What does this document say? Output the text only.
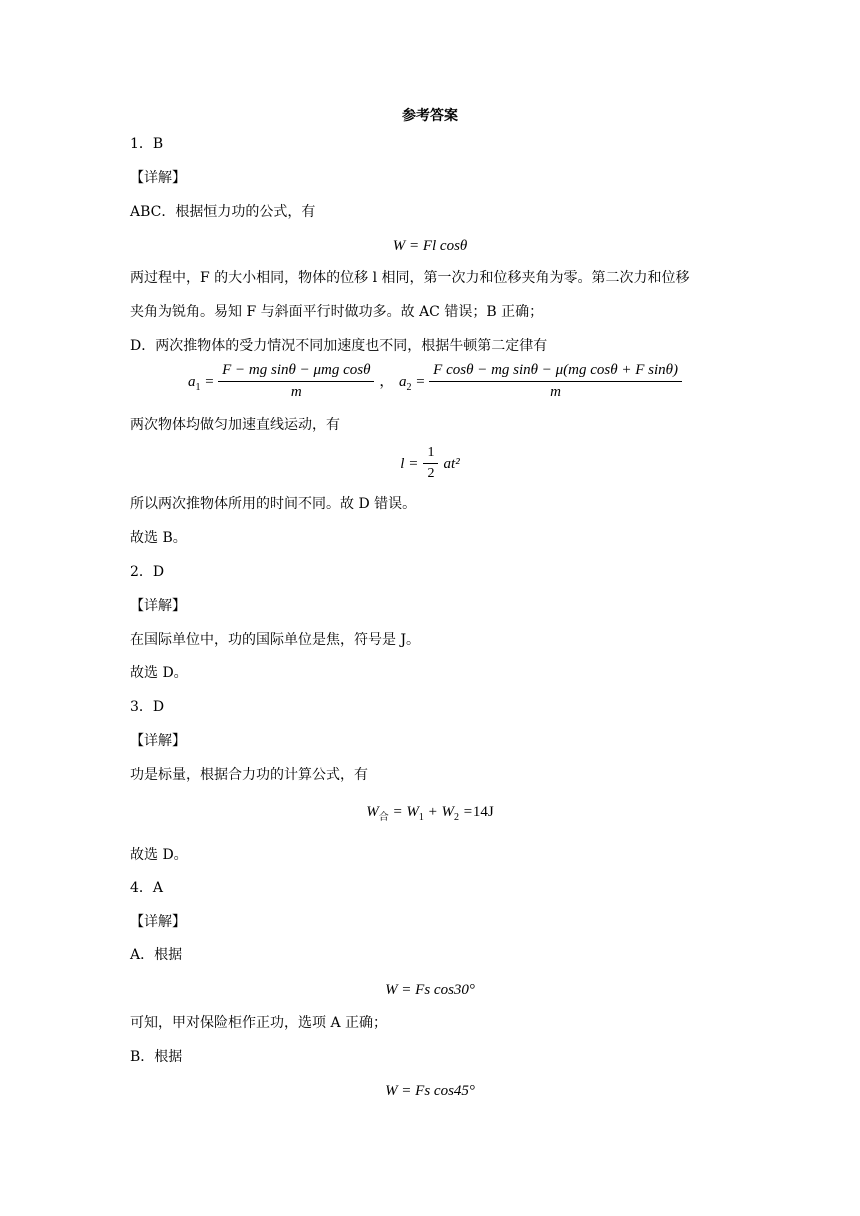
参考答案
1．B
【详解】
ABC．根据恒力功的公式，有
W = Fl cosθ
两过程中，F 的大小相同，物体的位移 l 相同，第一次力和位移夹角为零。第二次力和位移
夹角为锐角。易知 F 与斜面平行时做功多。故 AC 错误；B 正确；
D．两次推物体的受力情况不同加速度也不同，根据牛顿第二定律有
$a_1 = \frac{\text{F − mg sinθ − μmg cosθ}}{m}$ ， $a_2 = \frac{\text{F cosθ − mg sinθ − μ(mg cosθ + F sinθ)}}{m}$
两次物体均做匀加速直线运动，有
$l = \frac{1}{2} at^2$
所以两次推物体所用的时间不同。故 D 错误。
故选 B。
2．D
【详解】
在国际单位中，功的国际单位是焦，符号是 J。
故选 D。
3．D
【详解】
功是标量，根据合力功的计算公式，有
$W_合 = W_1 + W_2 =14J$
故选 D。
4．A
【详解】
A．根据
W = Fs cos30°
可知，甲对保险柜作正功，选项 A 正确；
B．根据
W = Fs cos45°
